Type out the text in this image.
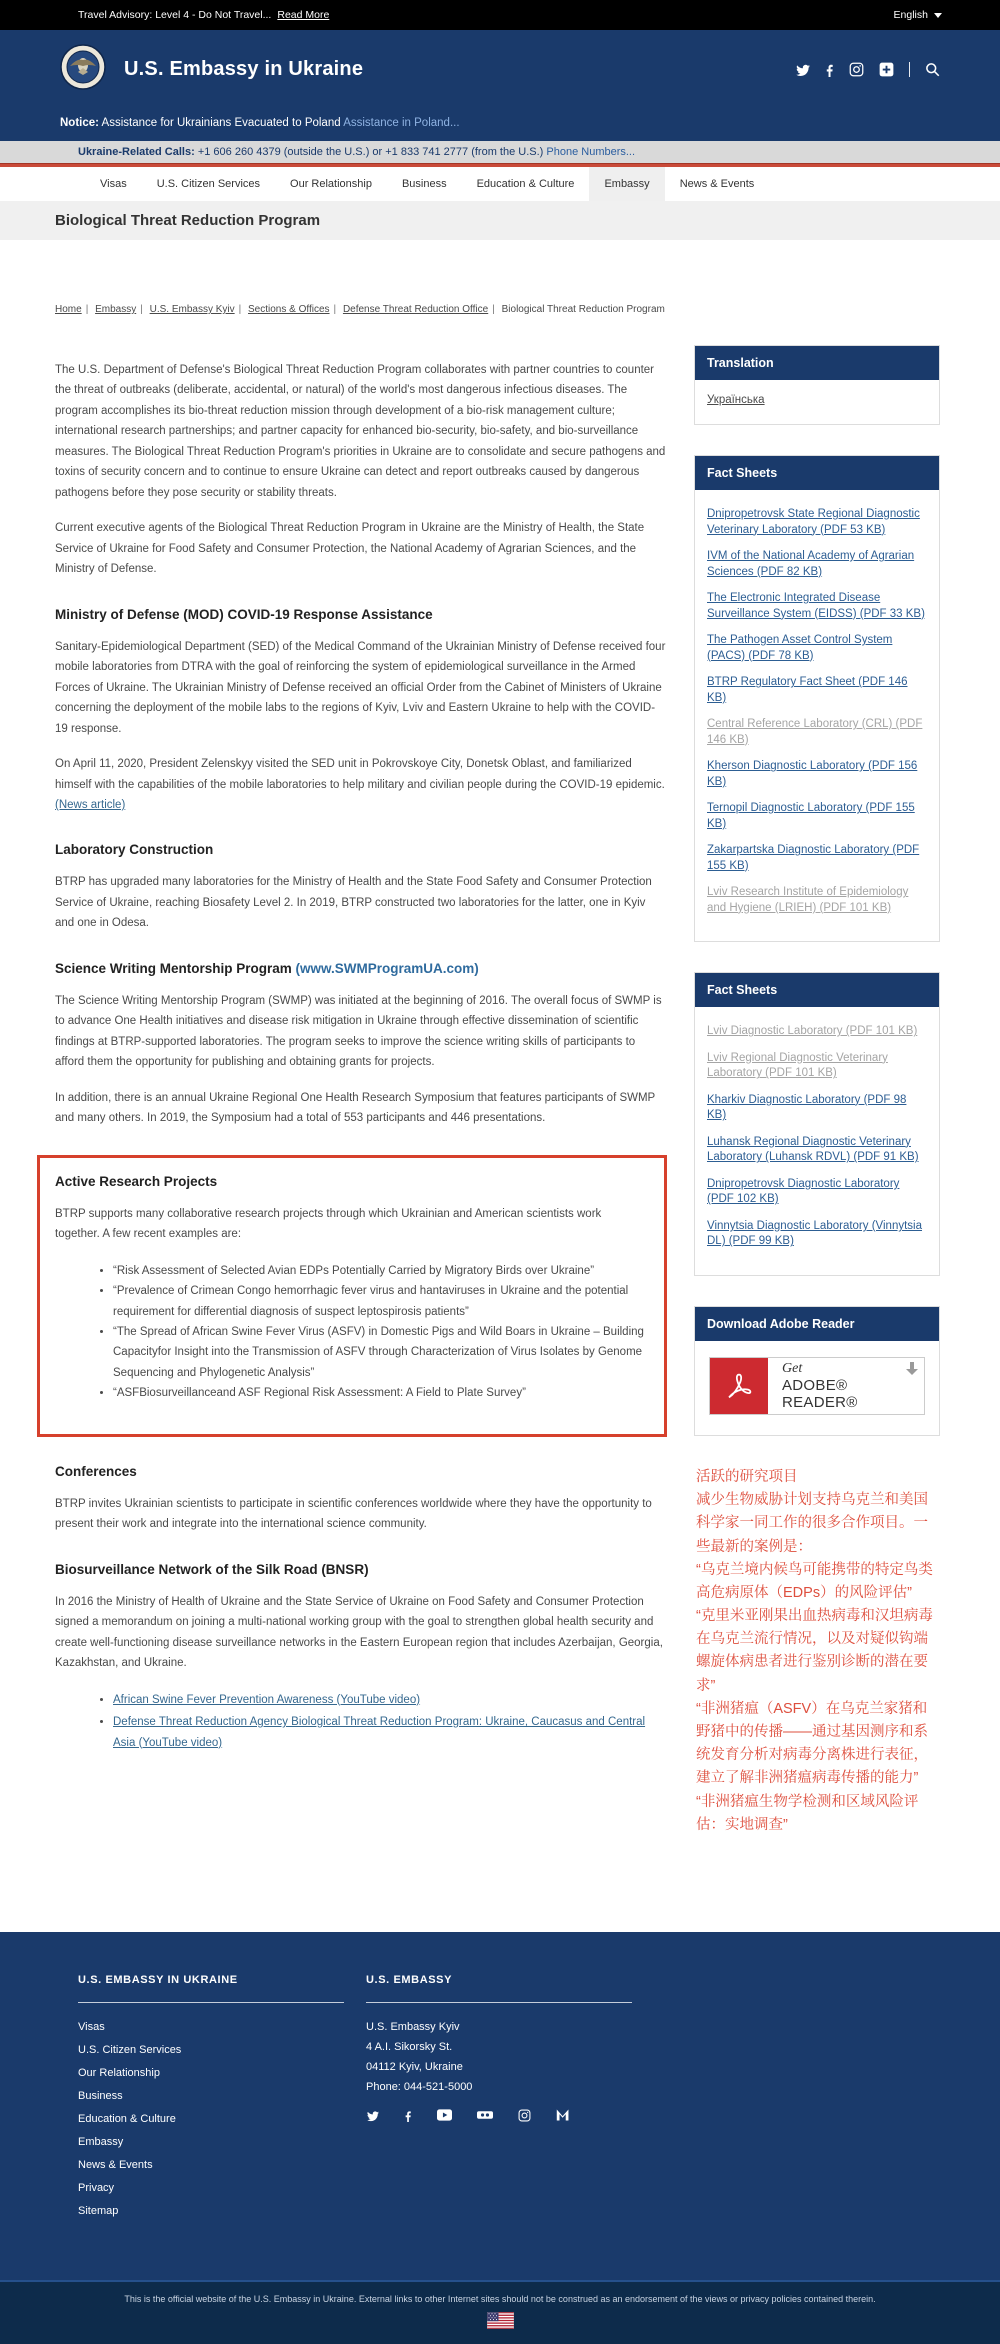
Travel Advisory: Level 4 - Do Not Travel... Read More	English
U.S. Embassy in Ukraine
Notice: Assistance for Ukrainians Evacuated to Poland Assistance in Poland...
Ukraine-Related Calls: +1 606 260 4379 (outside the U.S.) or +1 833 741 2777 (from the U.S.) Phone Numbers...
Visas	U.S. Citizen Services	Our Relationship	Business	Education & Culture	Embassy	News & Events
Biological Threat Reduction Program
Home | Embassy | U.S. Embassy Kyiv | Sections & Offices | Defense Threat Reduction Office | Biological Threat Reduction Program

The U.S. Department of Defense's Biological Threat Reduction Program collaborates with partner countries to counter the threat of outbreaks (deliberate, accidental, or natural) of the world's most dangerous infectious diseases. The program accomplishes its bio-threat reduction mission through development of a bio-risk management culture; international research partnerships; and partner capacity for enhanced bio-security, bio-safety, and bio-surveillance measures. The Biological Threat Reduction Program's priorities in Ukraine are to consolidate and secure pathogens and toxins of security concern and to continue to ensure Ukraine can detect and report outbreaks caused by dangerous pathogens before they pose security or stability threats.

Current executive agents of the Biological Threat Reduction Program in Ukraine are the Ministry of Health, the State Service of Ukraine for Food Safety and Consumer Protection, the National Academy of Agrarian Sciences, and the Ministry of Defense.

Ministry of Defense (MOD) COVID-19 Response Assistance

Sanitary-Epidemiological Department (SED) of the Medical Command of the Ukrainian Ministry of Defense received four mobile laboratories from DTRA with the goal of reinforcing the system of epidemiological surveillance in the Armed Forces of Ukraine. The Ukrainian Ministry of Defense received an official Order from the Cabinet of Ministers of Ukraine concerning the deployment of the mobile labs to the regions of Kyiv, Lviv and Eastern Ukraine to help with the COVID-19 response.

On April 11, 2020, President Zelenskyy visited the SED unit in Pokrovskoye City, Donetsk Oblast, and familiarized himself with the capabilities of the mobile laboratories to help military and civilian people during the COVID-19 epidemic. (News article)

Laboratory Construction

BTRP has upgraded many laboratories for the Ministry of Health and the State Food Safety and Consumer Protection Service of Ukraine, reaching Biosafety Level 2. In 2019, BTRP constructed two laboratories for the latter, one in Kyiv and one in Odesa.

Science Writing Mentorship Program (www.SWMProgramUA.com)

The Science Writing Mentorship Program (SWMP) was initiated at the beginning of 2016. The overall focus of SWMP is to advance One Health initiatives and disease risk mitigation in Ukraine through effective dissemination of scientific findings at BTRP-supported laboratories. The program seeks to improve the science writing skills of participants to afford them the opportunity for publishing and obtaining grants for projects.

In addition, there is an annual Ukraine Regional One Health Research Symposium that features participants of SWMP and many others. In 2019, the Symposium had a total of 553 participants and 446 presentations.

Active Research Projects

BTRP supports many collaborative research projects through which Ukrainian and American scientists work together. A few recent examples are:

• “Risk Assessment of Selected Avian EDPs Potentially Carried by Migratory Birds over Ukraine”
• “Prevalence of Crimean Congo hemorrhagic fever virus and hantaviruses in Ukraine and the potential requirement for differential diagnosis of suspect leptospirosis patients”
• “The Spread of African Swine Fever Virus (ASFV) in Domestic Pigs and Wild Boars in Ukraine – Building Capacityfor Insight into the Transmission of ASFV through Characterization of Virus Isolates by Genome Sequencing and Phylogenetic Analysis”
• “ASFBiosurveillanceand ASF Regional Risk Assessment: A Field to Plate Survey”
Conferences

BTRP invites Ukrainian scientists to participate in scientific conferences worldwide where they have the opportunity to present their work and integrate into the international science community.

Biosurveillance Network of the Silk Road (BNSR)

In 2016 the Ministry of Health of Ukraine and the State Service of Ukraine on Food Safety and Consumer Protection signed a memorandum on joining a multi-national working group with the goal to strengthen global health security and create well-functioning disease surveillance networks in the Eastern European region that includes Azerbaijan, Georgia, Kazakhstan, and Ukraine.

• African Swine Fever Prevention Awareness (YouTube video)
• Defense Threat Reduction Agency Biological Threat Reduction Program: Ukraine, Caucasus and Central Asia (YouTube video)
Translation
Українська
Fact Sheets
Dnipropetrovsk State Regional Diagnostic Veterinary Laboratory (PDF 53 KB)
IVM of the National Academy of Agrarian Sciences (PDF 82 KB)
The Electronic Integrated Disease Surveillance System (EIDSS) (PDF 33 KB)
The Pathogen Asset Control System (PACS) (PDF 78 KB)
BTRP Regulatory Fact Sheet (PDF 146 KB)
Central Reference Laboratory (CRL) (PDF 146 KB)
Kherson Diagnostic Laboratory (PDF 156 KB)
Ternopil Diagnostic Laboratory (PDF 155 KB)
Zakarpartska Diagnostic Laboratory (PDF 155 KB)
Lviv Research Institute of Epidemiology and Hygiene (LRIEH) (PDF 101 KB)
Fact Sheets
Lviv Diagnostic Laboratory (PDF 101 KB)
Lviv Regional Diagnostic Veterinary Laboratory (PDF 101 KB)
Kharkiv Diagnostic Laboratory (PDF 98 KB)
Luhansk Regional Diagnostic Veterinary Laboratory (Luhansk RDVL) (PDF 91 KB)
Dnipropetrovsk Diagnostic Laboratory (PDF 102 KB)
Vinnytsia Diagnostic Laboratory (Vinnytsia DL) (PDF 99 KB)
Download Adobe Reader
Get
ADOBE® READER®
活跃的研究项目
减少生物威胁计划支持乌克兰和美国科学家一同工作的很多合作项目。一些最新的案例是：
“乌克兰境内候鸟可能携带的特定鸟类高危病原体（EDPs）的风险评估”
“克里米亚刚果出血热病毒和汉坦病毒在乌克兰流行情况，以及对疑似钩端螺旋体病患者进行鉴别诊断的潜在要求”
“非洲猪瘟（ASFV）在乌克兰家猪和野猪中的传播——通过基因测序和系统发育分析对病毒分离株进行表征，建立了解非洲猪瘟病毒传播的能力”
“非洲猪瘟生物学检测和区域风险评估：实地调查”
U.S. EMBASSY IN UKRAINE
Visas
U.S. Citizen Services
Our Relationship
Business
Education & Culture
Embassy
News & Events
Privacy
Sitemap
U.S. EMBASSY
U.S. Embassy Kyiv
4 A.I. Sikorsky St.
04112 Kyiv, Ukraine
Phone: 044-521-5000
This is the official website of the U.S. Embassy in Ukraine. External links to other Internet sites should not be construed as an endorsement of the views or privacy policies contained therein.
